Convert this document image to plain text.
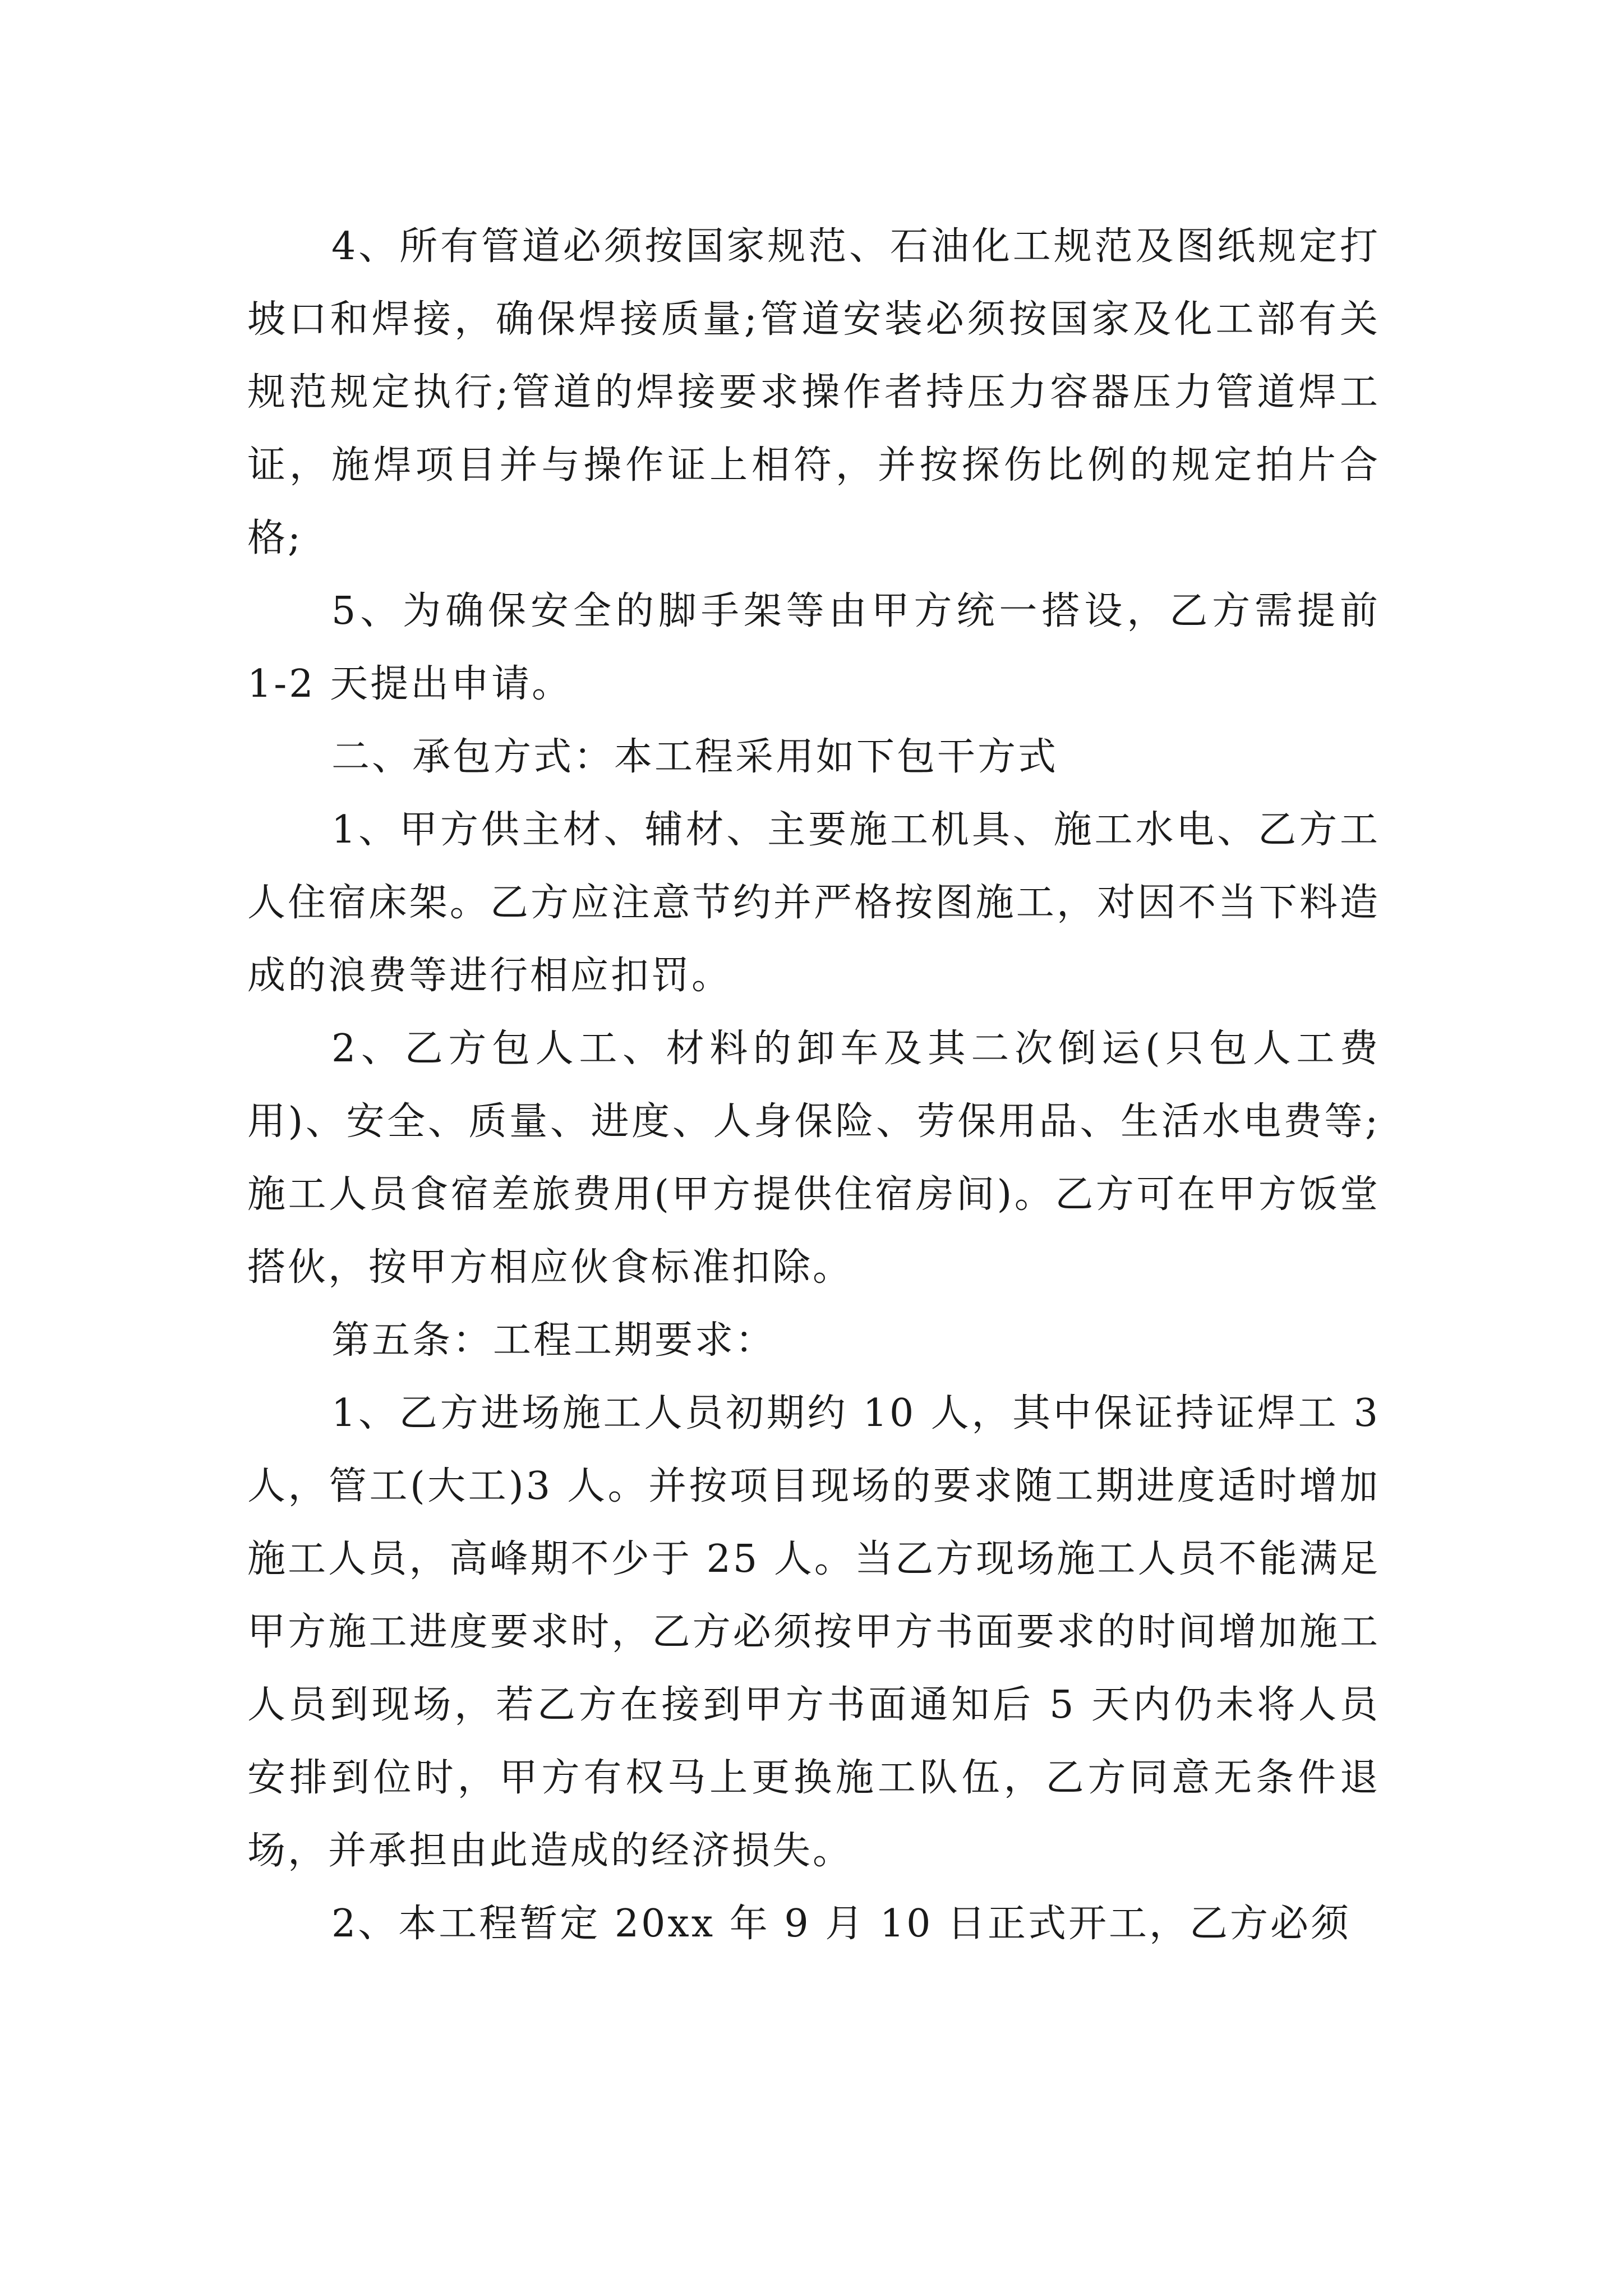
4、所有管道必须按国家规范、石油化工规范及图纸规定打坡口和焊接，确保焊接质量;管道安装必须按国家及化工部有关规范规定执行;管道的焊接要求操作者持压力容器压力管道焊工证，施焊项目并与操作证上相符，并按探伤比例的规定拍片合格;

5、为确保安全的脚手架等由甲方统一搭设，乙方需提前 1-2 天提出申请。

二、承包方式：本工程采用如下包干方式

1、甲方供主材、辅材、主要施工机具、施工水电、乙方工人住宿床架。乙方应注意节约并严格按图施工，对因不当下料造成的浪费等进行相应扣罚。

2、乙方包人工、材料的卸车及其二次倒运(只包人工费用)、安全、质量、进度、人身保险、劳保用品、生活水电费等;施工人员食宿差旅费用(甲方提供住宿房间)。乙方可在甲方饭堂搭伙，按甲方相应伙食标准扣除。

第五条：工程工期要求：

1、乙方进场施工人员初期约 10 人，其中保证持证焊工 3 人，管工(大工)3 人。并按项目现场的要求随工期进度适时增加施工人员，高峰期不少于 25 人。当乙方现场施工人员不能满足甲方施工进度要求时，乙方必须按甲方书面要求的时间增加施工人员到现场，若乙方在接到甲方书面通知后 5 天内仍未将人员安排到位时，甲方有权马上更换施工队伍，乙方同意无条件退场，并承担由此造成的经济损失。

2、本工程暂定 20xx 年 9 月 10 日正式开工，乙方必须
